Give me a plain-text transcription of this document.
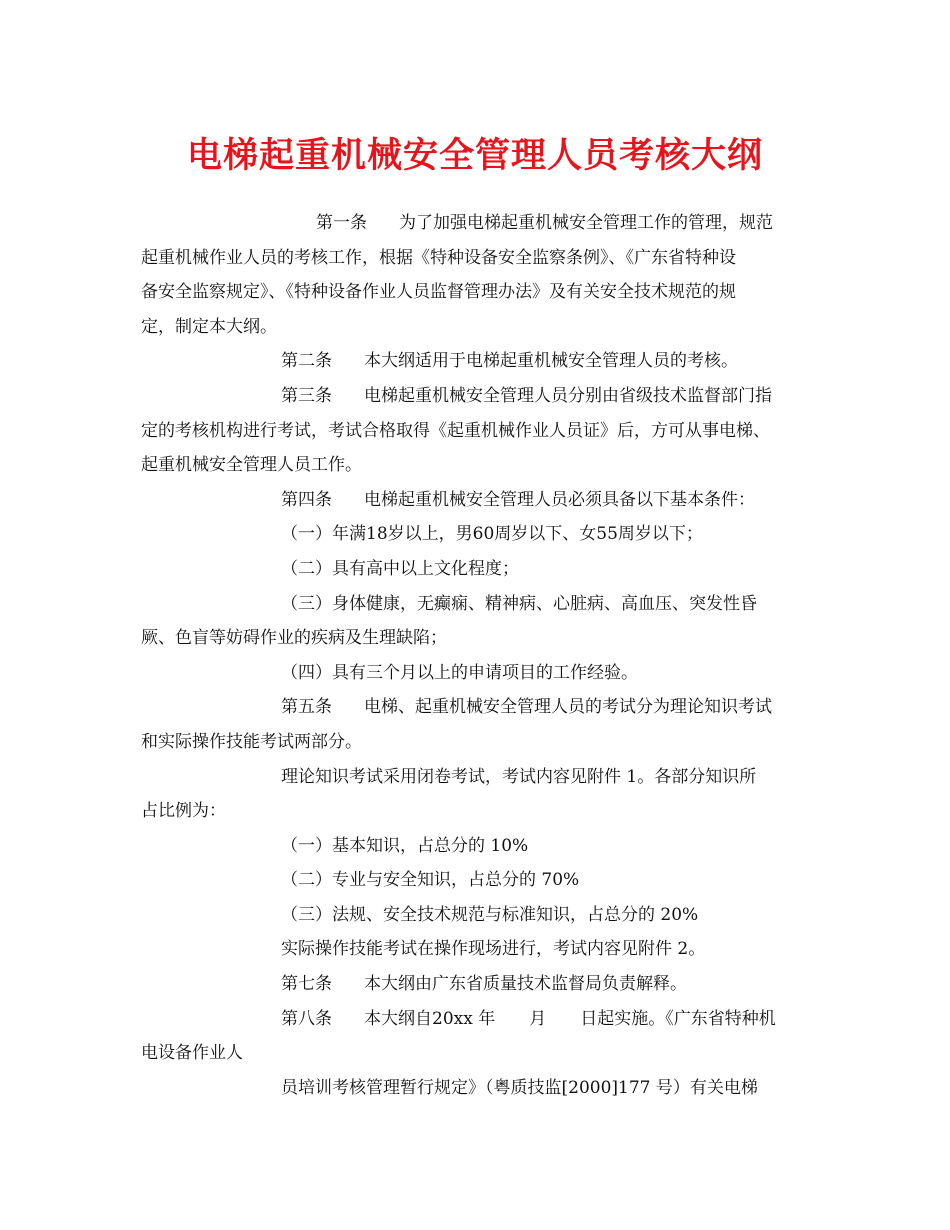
电梯起重机械安全管理人员考核大纲
第一条 为了加强电梯起重机械安全管理工作的管理，规范
起重机械作业人员的考核工作，根据《特种设备安全监察条例》、《广东省特种设
备安全监察规定》、《特种设备作业人员监督管理办法》及有关安全技术规范的规
定，制定本大纲。
第二条 本大纲适用于电梯起重机械安全管理人员的考核。
第三条 电梯起重机械安全管理人员分别由省级技术监督部门指
定的考核机构进行考试，考试合格取得《起重机械作业人员证》后，方可从事电梯、
起重机械安全管理人员工作。
第四条 电梯起重机械安全管理人员必须具备以下基本条件：
（一）年满18岁以上，男60周岁以下、女55周岁以下；
（二）具有高中以上文化程度；
（三）身体健康，无癫痫、精神病、心脏病、高血压、突发性昏
厥、色盲等妨碍作业的疾病及生理缺陷；
（四）具有三个月以上的申请项目的工作经验。
第五条 电梯、起重机械安全管理人员的考试分为理论知识考试
和实际操作技能考试两部分。
理论知识考试采用闭卷考试，考试内容见附件 1。各部分知识所
占比例为：
（一）基本知识，占总分的 10%
（二）专业与安全知识，占总分的 70%
（三）法规、安全技术规范与标准知识，占总分的 20%
实际操作技能考试在操作现场进行，考试内容见附件 2。
第七条 本大纲由广东省质量技术监督局负责解释。
第八条 本大纲自20xx 年　　月　　日起实施。《广东省特种机
电设备作业人
员培训考核管理暂行规定》（粤质技监[2000]177 号）有关电梯
